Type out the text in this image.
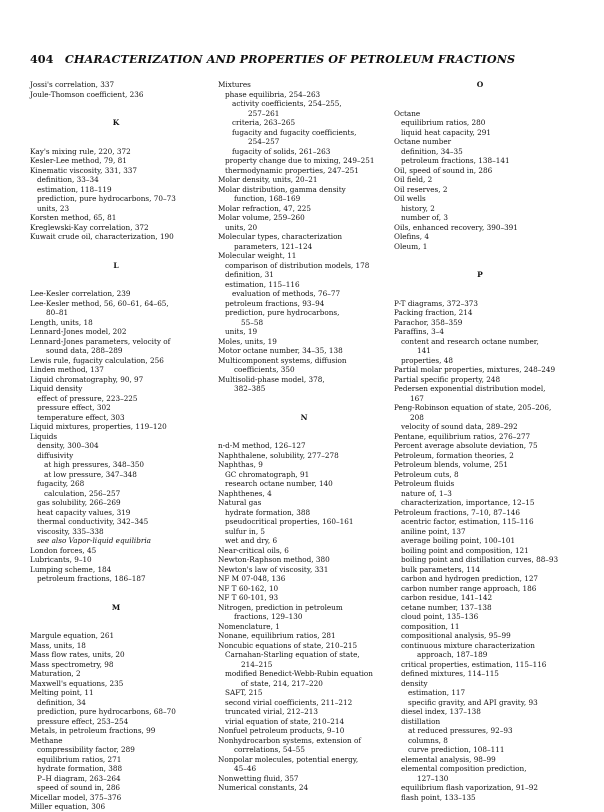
404 CHARACTERIZATION AND PROPERTIES OF PETROLEUM FRACTIONS
Jossi's correlation, 337
Joule-Thomson coefficient, 236
K
Kay's mixing rule, 220, 372
Kesler-Lee method, 79, 81
Kinematic viscosity, 331, 337
definition, 33–34
estimation, 118–119
prediction, pure hydrocarbons, 70–73
units, 23
Korsten method, 65, 81
Kreglewski-Kay correlation, 372
Kuwait crude oil, characterization, 190
L
Lee-Kesler correlation, 239
Lee-Kesler method, 56, 60–61, 64–65,
80–81
Length, units, 18
Lennard-Jones model, 202
Lennard-Jones parameters, velocity of
sound data, 288–289
Lewis rule, fugacity calculation, 256
Linden method, 137
Liquid chromatography, 90, 97
Liquid density
effect of pressure, 223–225
pressure effect, 302
temperature effect, 303
Liquid mixtures, properties, 119–120
Liquids
density, 300–304
diffusivity
at high pressures, 348–350
at low pressure, 347–348
fugacity, 268
calculation, 256–257
gas solubility, 266–269
heat capacity values, 319
thermal conductivity, 342–345
viscosity, 335–338
see also Vapor-liquid equilibria
London forces, 45
Lubricants, 9–10
Lumping scheme, 184
petroleum fractions, 186–187
M
Margule equation, 261
Mass, units, 18
Mass flow rates, units, 20
Mass spectrometry, 98
Maturation, 2
Maxwell's equations, 235
Melting point, 11
definition, 34
prediction, pure hydrocarbons, 68–70
pressure effect, 253–254
Metals, in petroleum fractions, 99
Methane
compressibility factor, 289
equilibrium ratios, 271
hydrate formation, 388
P–H diagram, 263–264
speed of sound in, 286
Micellar model, 375–376
Miller equation, 306
Mixtures
phase equilibria, 254–263
activity coefficients, 254–255,
257–261
criteria, 263–265
fugacity and fugacity coefficients,
254–257
fugacity of solids, 261–263
property change due to mixing, 249–251
thermodynamic properties, 247–251
Molar density, units, 20–21
Molar distribution, gamma density
function, 168–169
Molar refraction, 47, 225
Molar volume, 259–260
units, 20
Molecular types, characterization
parameters, 121–124
Molecular weight, 11
comparison of distribution models, 178
definition, 31
estimation, 115–116
evaluation of methods, 76–77
petroleum fractions, 93–94
prediction, pure hydrocarbons,
55–58
units, 19
Moles, units, 19
Motor octane number, 34–35, 138
Multicomponent systems, diffusion
coefficients, 350
Multisolid-phase model, 378,
382–385
N
n-d-M method, 126–127
Naphthalene, solubility, 277–278
Naphthas, 9
GC chromatograph, 91
research octane number, 140
Naphthenes, 4
Natural gas
hydrate formation, 388
pseudocritical properties, 160–161
sulfur in, 5
wet and dry, 6
Near-critical oils, 6
Newton-Raphson method, 380
Newton's law of viscosity, 331
NF M 07-048, 136
NF T 60-162, 10
NF T 60-101, 93
Nitrogen, prediction in petroleum
fractions, 129–130
Nomenclature, 1
Nonane, equilibrium ratios, 281
Noncubic equations of state, 210–215
Carnahan-Starling equation of state,
214–215
modified Benedict-Webb-Rubin equation
of state, 214, 217–220
SAFT, 215
second virial coefficients, 211–212
truncated virial, 212–213
virial equation of state, 210–214
Nonfuel petroleum products, 9–10
Nonhydrocarbon systems, extension of
correlations, 54–55
Nonpolar molecules, potential energy,
45–46
Nonwetting fluid, 357
Numerical constants, 24
O
Octane
equilibrium ratios, 280
liquid heat capacity, 291
Octane number
definition, 34–35
petroleum fractions, 138–141
Oil, speed of sound in, 286
Oil field, 2
Oil reserves, 2
Oil wells
history, 2
number of, 3
Oils, enhanced recovery, 390–391
Olefins, 4
Oleum, 1
P
P-T diagrams, 372–373
Packing fraction, 214
Parachor, 358–359
Paraffins, 3–4
content and research octane number,
141
properties, 48
Partial molar properties, mixtures, 248–249
Partial specific property, 248
Pedersen exponential distribution model,
167
Peng-Robinson equation of state, 205–206,
208
velocity of sound data, 289–292
Pentane, equilibrium ratios, 276–277
Percent average absolute deviation, 75
Petroleum, formation theories, 2
Petroleum blends, volume, 251
Petroleum cuts, 8
Petroleum fluids
nature of, 1–3
characterization, importance, 12–15
Petroleum fractions, 7–10, 87–146
acentric factor, estimation, 115–116
aniline point, 137
average boiling point, 100–101
boiling point and composition, 121
boiling point and distillation curves, 88–93
bulk parameters, 114
carbon and hydrogen prediction, 127
carbon number range approach, 186
carbon residue, 141–142
cetane number, 137–138
cloud point, 135–136
composition, 11
compositional analysis, 95–99
continuous mixture characterization
approach, 187–189
critical properties, estimation, 115–116
defined mixtures, 114–115
density
estimation, 117
specific gravity, and API gravity, 93
diesel index, 137–138
distillation
at reduced pressures, 92–93
columns, 8
curve prediction, 108–111
elemental analysis, 98–99
elemental composition prediction,
127–130
equilibrium flash vaporization, 91–92
flash point, 133–135
